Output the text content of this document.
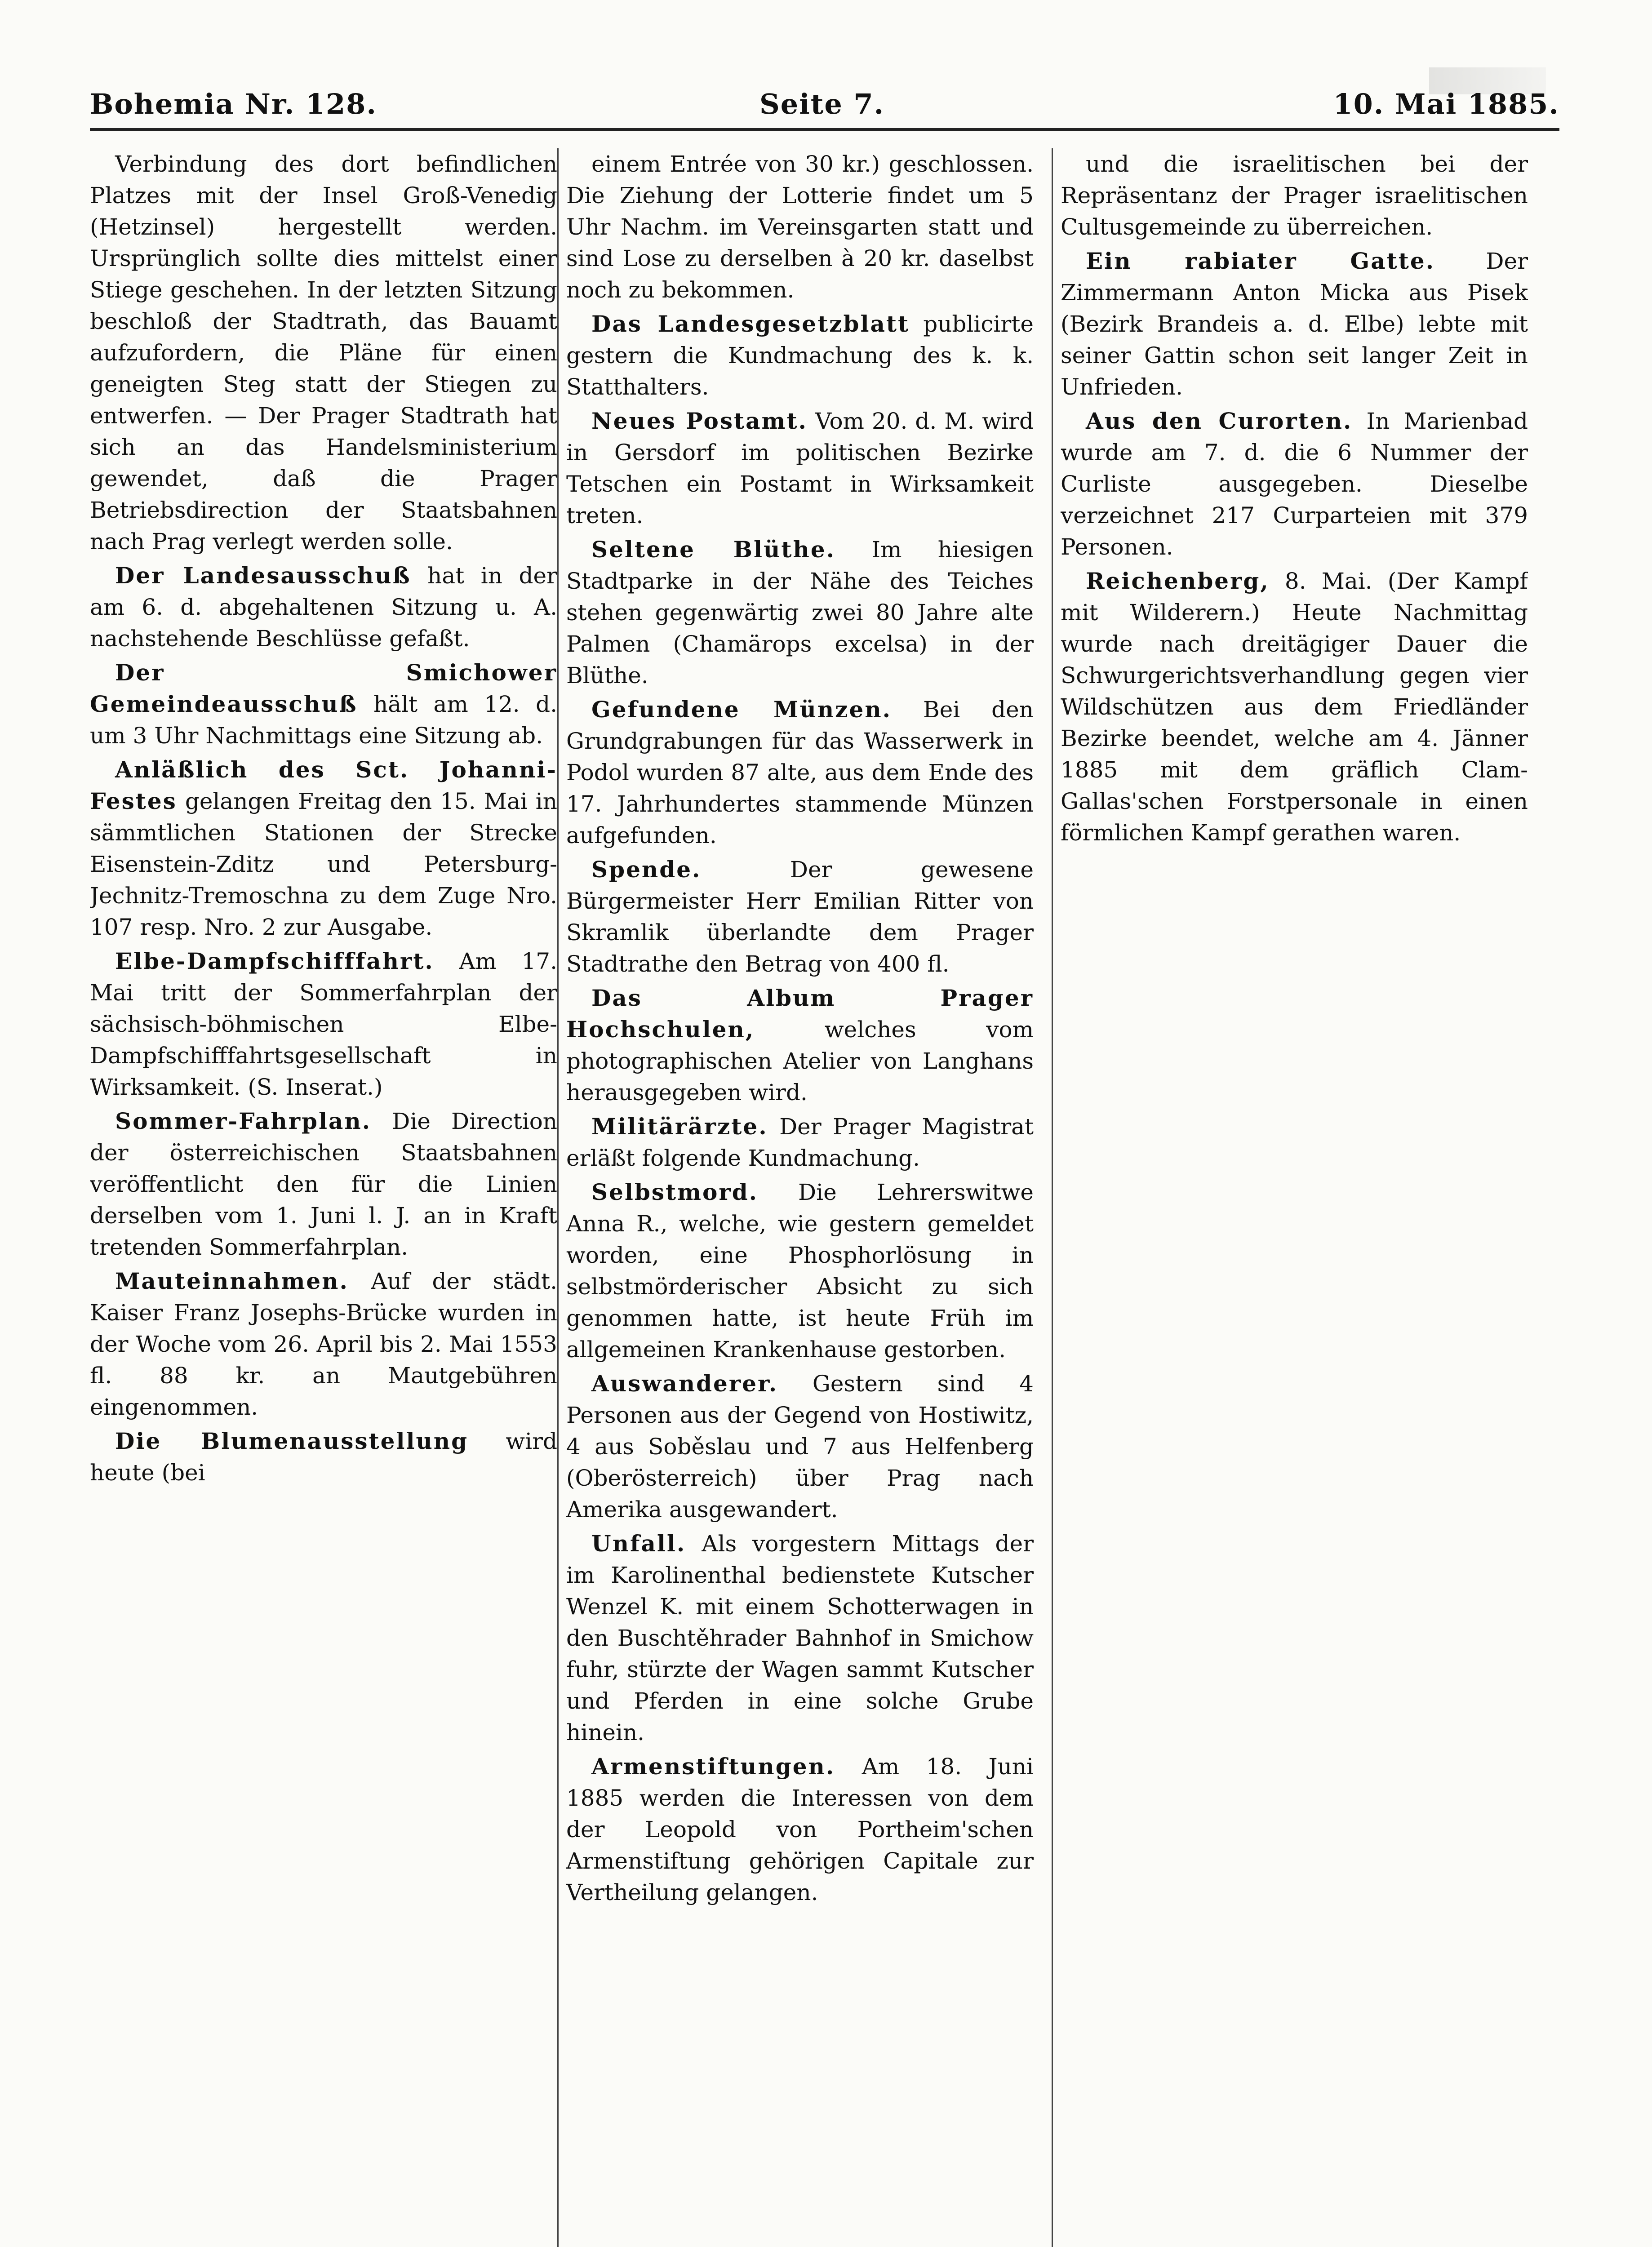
Bohemia Nr. 128.	Seite 7.	10. Mai 1885.

Verbindung des dort befindlichen Platzes mit der Insel Groß-Venedig (Hetzinsel) hergestellt werden. Ursprünglich sollte dies mittelst einer Stiege geschehen. In der letzten Sitzung beschloß der Stadtrath, das Bauamt aufzufordern, die Pläne für einen geneigten Steg statt der Stiegen zu entwerfen. — Der Prager Stadtrath hat sich an das Handelsministerium gewendet, daß die Prager Betriebsdirection der Staatsbahnen nach Prag verlegt werden solle.

Der Landesausschuß hat in der am 6. d. abgehaltenen Sitzung u. A. nachstehende Beschlüsse gefaßt.

Der Smichower Gemeindeausschuß hält am 12. d. um 3 Uhr Nachmittags eine Sitzung ab.

Anläßlich des Sct. Johanni-Festes gelangen Freitag den 15. Mai in sämmtlichen Stationen der Strecke Eisenstein-Zditz und Petersburg-Jechnitz-Tremoschna zu dem Zuge Nro. 107 resp. Nro. 2 zur Ausgabe.

Elbe-Dampfschifffahrt. Am 17. Mai tritt der Sommerfahrplan der sächsisch-böhmischen Elbe-Dampfschifffahrtsgesellschaft in Wirksamkeit. (S. Inserat.)

Sommer-Fahrplan. Die Direction der österreichischen Staatsbahnen veröffentlicht den für die Linien derselben vom 1. Juni l. J. an in Kraft tretenden Sommerfahrplan.

Mauteinnahmen. Auf der städt. Kaiser Franz Josephs-Brücke wurden in der Woche vom 26. April bis 2. Mai 1553 fl. 88 kr. an Mautgebühren eingenommen.

Die Blumenausstellung wird heute (bei

einem Entrée von 30 kr.) geschlossen. Die Ziehung der Lotterie findet um 5 Uhr Nachm. im Vereinsgarten statt und sind Lose zu derselben à 20 kr. daselbst noch zu bekommen.

Das Landesgesetzblatt publicirte gestern die Kundmachung des k. k. Statthalters.

Neues Postamt. Vom 20. d. M. wird in Gersdorf im politischen Bezirke Tetschen ein Postamt in Wirksamkeit treten.

Seltene Blüthe. Im hiesigen Stadtparke in der Nähe des Teiches stehen gegenwärtig zwei 80 Jahre alte Palmen (Chamärops excelsa) in der Blüthe.

Gefundene Münzen. Bei den Grundgrabungen für das Wasserwerk in Podol wurden 87 alte, aus dem Ende des 17. Jahrhundertes stammende Münzen aufgefunden.

Spende.	Der gewesene Bürgermeister Herr Emilian Ritter von Skramlik überlandte dem Prager Stadtrathe den Betrag von 400 fl.

Das Album Prager Hochschulen,	welches vom photographischen Atelier von Langhans herausgegeben wird.

Militärärzte. Der Prager Magistrat erläßt folgende Kundmachung.

Selbstmord. Die Lehrerswitwe Anna R., welche, wie gestern gemeldet worden, eine Phosphorlösung in selbstmörderischer Absicht zu sich genommen hatte, ist heute Früh im allgemeinen Krankenhause gestorben.

Auswanderer. Gestern sind 4 Personen aus der Gegend von Hostiwitz, 4 aus Soběslau und 7 aus Helfenberg (Oberösterreich) über Prag nach Amerika ausgewandert.

Unfall. Als vorgestern Mittags der im Karolinenthal bedienstete Kutscher Wenzel K. mit einem Schotterwagen in den Buschtěhrader Bahnhof in Smichow fuhr, stürzte der Wagen sammt Kutscher und Pferden in eine solche Grube hinein.

Armenstiftungen. Am 18. Juni 1885 werden die Interessen von dem der Leopold von Portheim'schen Armenstiftung gehörigen Capitale zur Vertheilung gelangen.

und die israelitischen bei der Repräsentanz der Prager israelitischen Cultusgemeinde zu überreichen.

Ein rabiater Gatte. Der Zimmermann Anton Micka aus Pisek (Bezirk Brandeis a. d. Elbe) lebte mit seiner Gattin schon seit langer Zeit in Unfrieden.

Aus den Curorten. In Marienbad wurde am 7. d. die 6 Nummer der Curliste ausgegeben. Dieselbe verzeichnet 217 Curparteien mit 379 Personen.

Reichenberg, 8. Mai. (Der Kampf mit Wilderern.) Heute Nachmittag wurde nach dreitägiger Dauer die Schwurgerichtsverhandlung gegen vier Wildschützen aus dem Friedländer Bezirke beendet, welche am 4. Jänner 1885 mit dem gräflich Clam-Gallas'schen Forstpersonale in einen förmlichen Kampf gerathen waren.
